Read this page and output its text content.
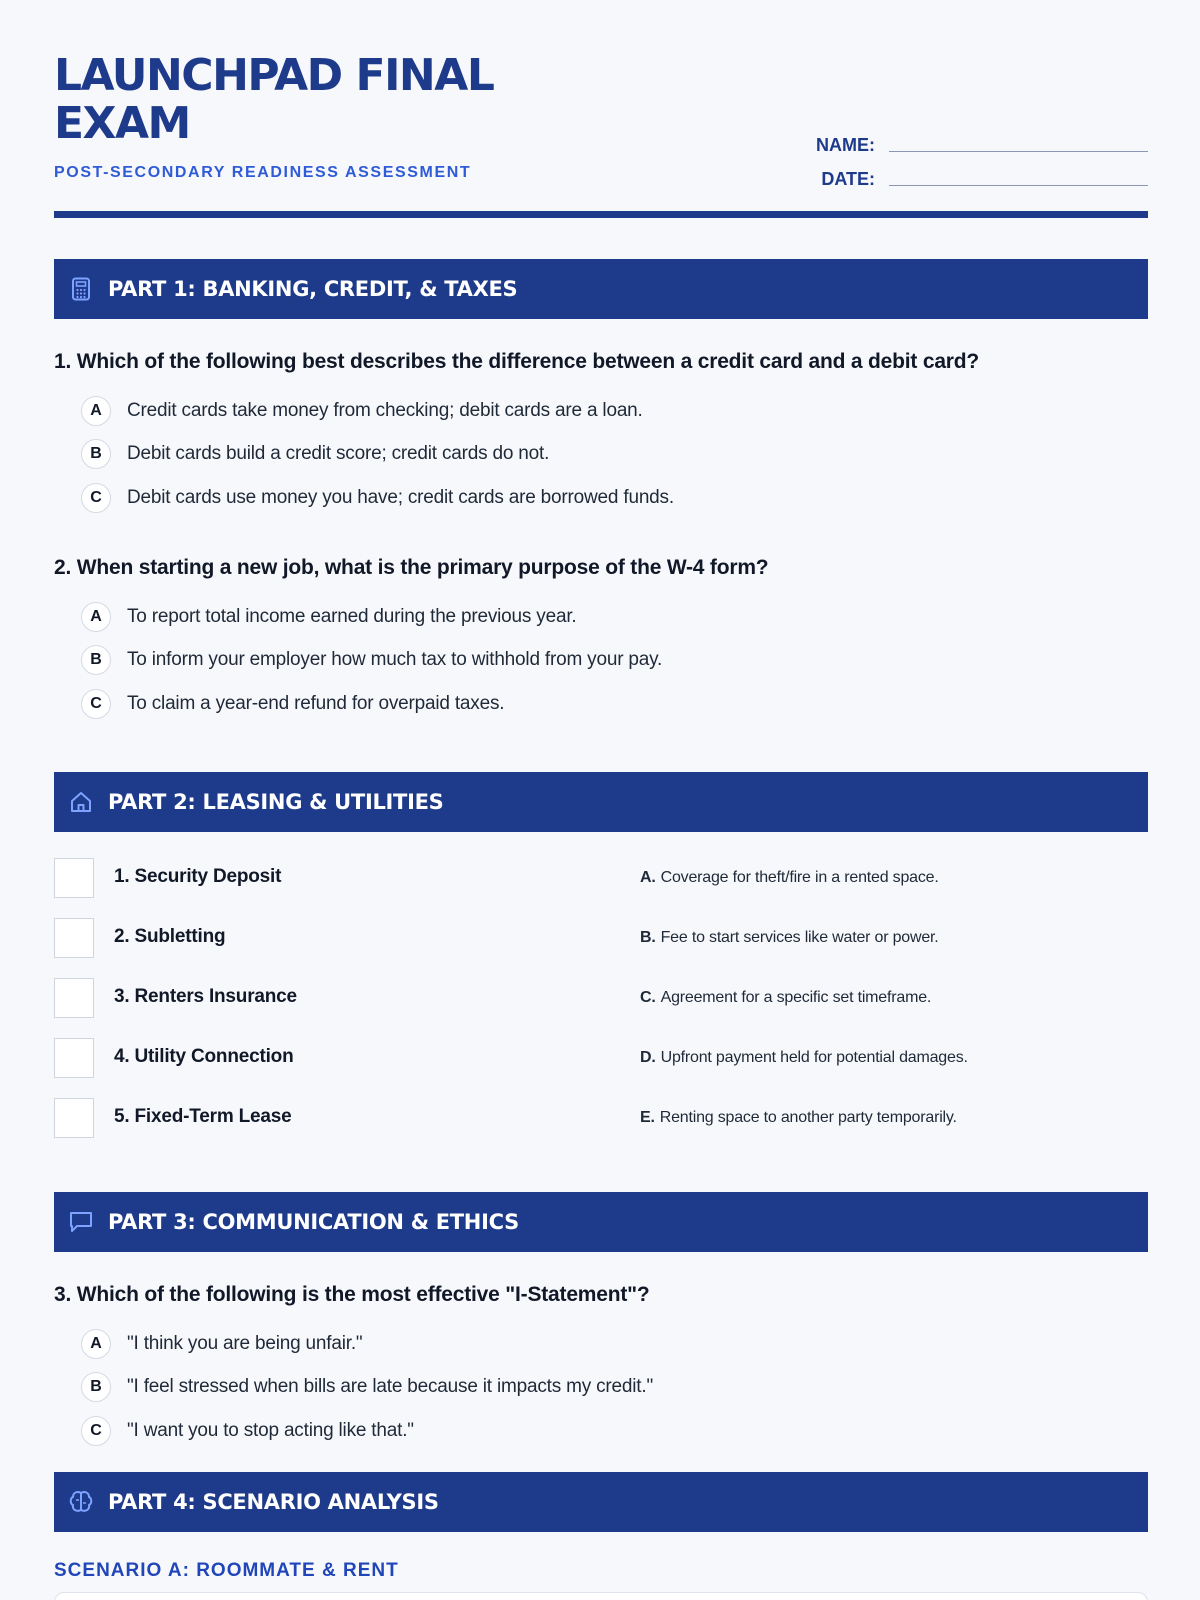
LAUNCHPAD FINAL EXAM
POST-SECONDARY READINESS ASSESSMENT
NAME:
DATE:
PART 1: BANKING, CREDIT, & TAXES
1. Which of the following best describes the difference between a credit card and a debit card?
A	Credit cards take money from checking; debit cards are a loan.
B	Debit cards build a credit score; credit cards do not.
C	Debit cards use money you have; credit cards are borrowed funds.
2. When starting a new job, what is the primary purpose of the W-4 form?
A	To report total income earned during the previous year.
B	To inform your employer how much tax to withhold from your pay.
C	To claim a year-end refund for overpaid taxes.
PART 2: LEASING & UTILITIES
1. Security Deposit	A. Coverage for theft/fire in a rented space.
2. Subletting	B. Fee to start services like water or power.
3. Renters Insurance	C. Agreement for a specific set timeframe.
4. Utility Connection	D. Upfront payment held for potential damages.
5. Fixed-Term Lease	E. Renting space to another party temporarily.
PART 3: COMMUNICATION & ETHICS
3. Which of the following is the most effective "I-Statement"?
A	"I think you are being unfair."
B	"I feel stressed when bills are late because it impacts my credit."
C	"I want you to stop acting like that."
PART 4: SCENARIO ANALYSIS
SCENARIO A: ROOMMATE & RENT
